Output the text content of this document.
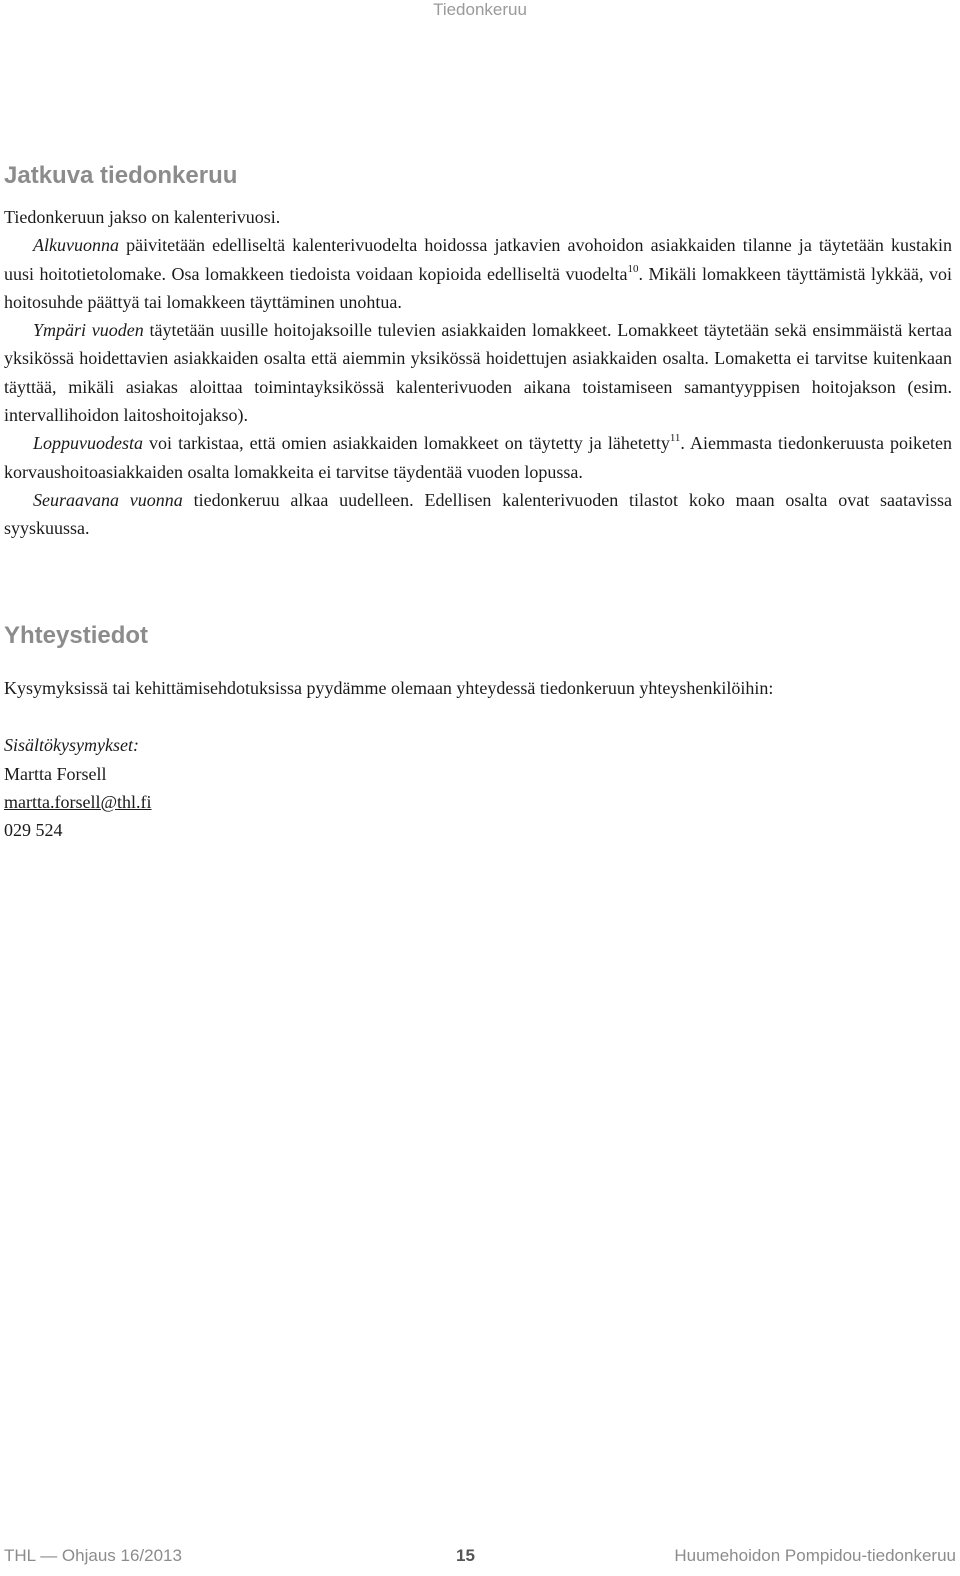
Tiedonkeruu
Jatkuva tiedonkeruu

Tiedonkeruun jakso on kalenterivuosi.

Alkuvuonna päivitetään edelliseltä kalenterivuodelta hoidossa jatkavien avohoidon asiakkaiden tilanne ja täytetään kustakin uusi hoitotietolomake. Osa lomakkeen tiedoista voidaan kopioida edelliseltä vuodelta$^{10}$. Mikäli lomakkeen täyttämistä lykkää, voi hoitosuhde päättyä tai lomakkeen täyttäminen unohtua.

Ympäri vuoden täytetään uusille hoitojaksoille tulevien asiakkaiden lomakkeet. Lomakkeet täytetään sekä ensimmäistä kertaa yksikössä hoidettavien asiakkaiden osalta että aiemmin yksikössä hoidettujen asiakkaiden osalta. Lomaketta ei tarvitse kuitenkaan täyttää, mikäli asiakas aloittaa toimintayksikössä kalenterivuoden aikana toistamiseen samantyyppisen hoitojakson (esim. intervallihoidon laitoshoitojakso).

Loppuvuodesta voi tarkistaa, että omien asiakkaiden lomakkeet on täytetty ja lähetetty$^{11}$. Aiemmasta tiedonkeruusta poiketen korvaushoitoasiakkaiden osalta lomakkeita ei tarvitse täydentää vuoden lopussa.

Seuraavana vuonna tiedonkeruu alkaa uudelleen. Edellisen kalenterivuoden tilastot koko maan osalta ovat saatavissa syyskuussa.

Yhteystiedot

Kysymyksissä tai kehittämisehdotuksissa pyydämme olemaan yhteydessä tiedonkeruun yhteyshenkilöihin:

Sisältökysymykset:
Martta Forsell
martta.forsell@thl.fi
029 524
THL — Ohjaus 16/2013	15	Huumehoidon Pompidou-tiedonkeruu
